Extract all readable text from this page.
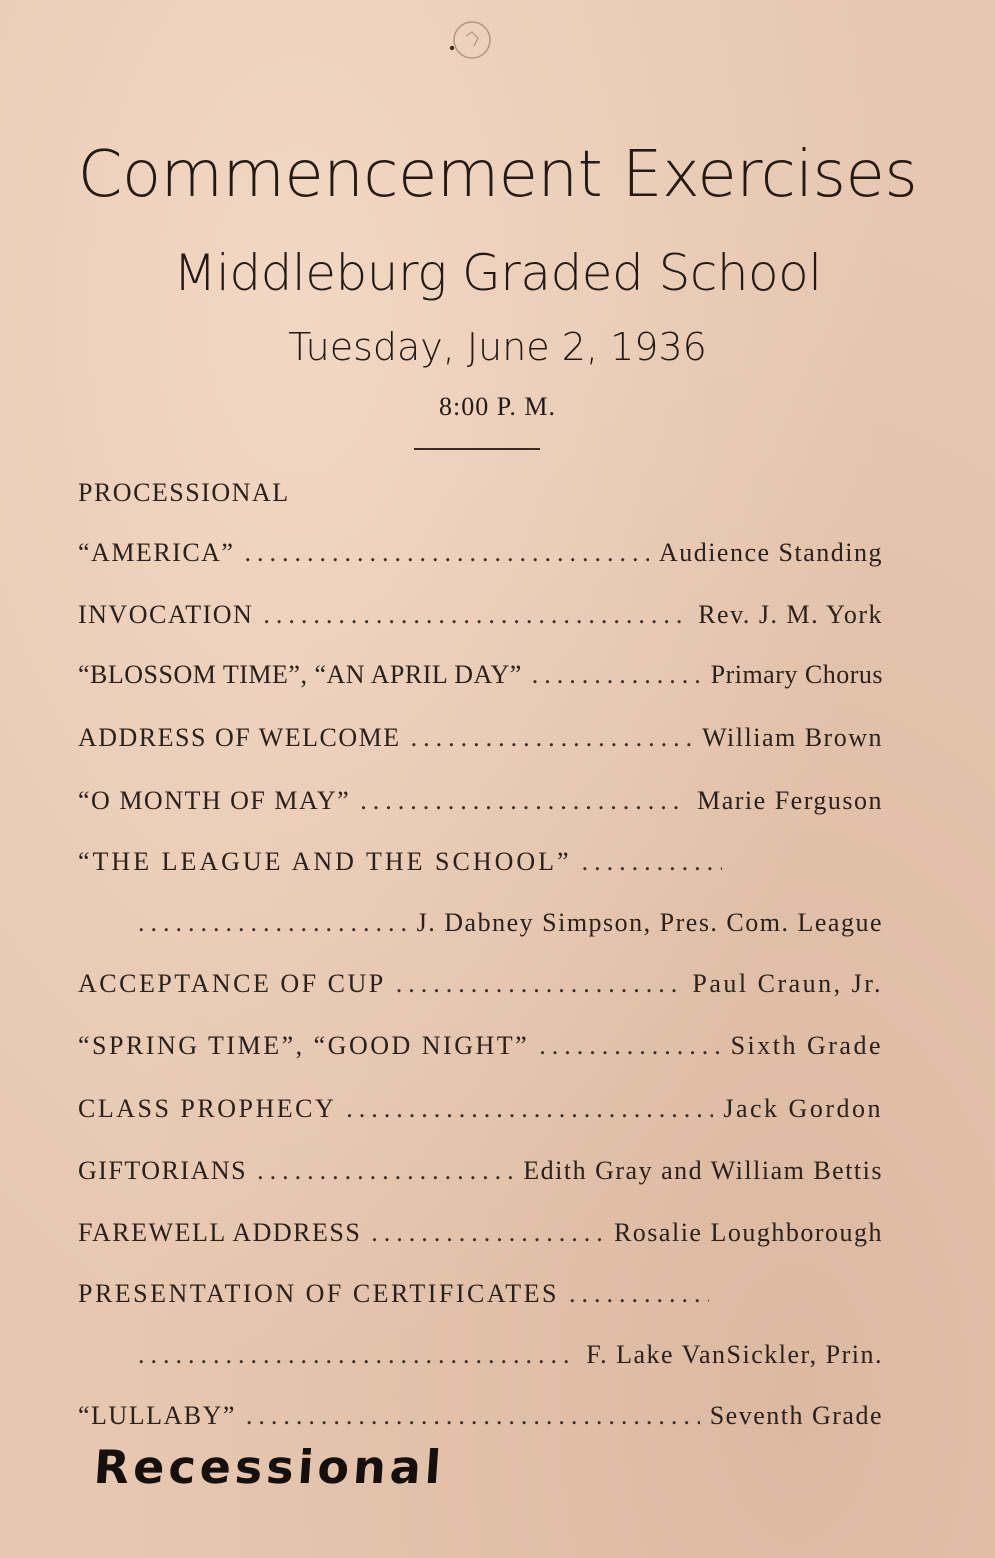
Commencement Exercises
Middleburg Graded School
Tuesday, June 2, 1936
8:00 P. M.
PROCESSIONAL
“AMERICA” .....	Audience Standing
INVOCATION .....	Rev. J. M. York
“BLOSSOM TIME”, “AN APRIL DAY” .....	Primary Chorus
ADDRESS OF WELCOME .....	William Brown
“O MONTH OF MAY” .....	Marie Ferguson
“THE LEAGUE AND THE SCHOOL”
.....
.....
J. Dabney Simpson, Pres. Com. League
ACCEPTANCE OF CUP .....	Paul Craun, Jr.
“SPRING TIME”, “GOOD NIGHT” .....	Sixth Grade
CLASS PROPHECY .....	Jack Gordon
GIFTORIANS .....	Edith Gray and William Bettis
FAREWELL ADDRESS .....	Rosalie Loughborough
PRESENTATION OF CERTIFICATES
.....
.....
F. Lake VanSickler, Prin.
“LULLABY” .....	Seventh Grade
Recessional
